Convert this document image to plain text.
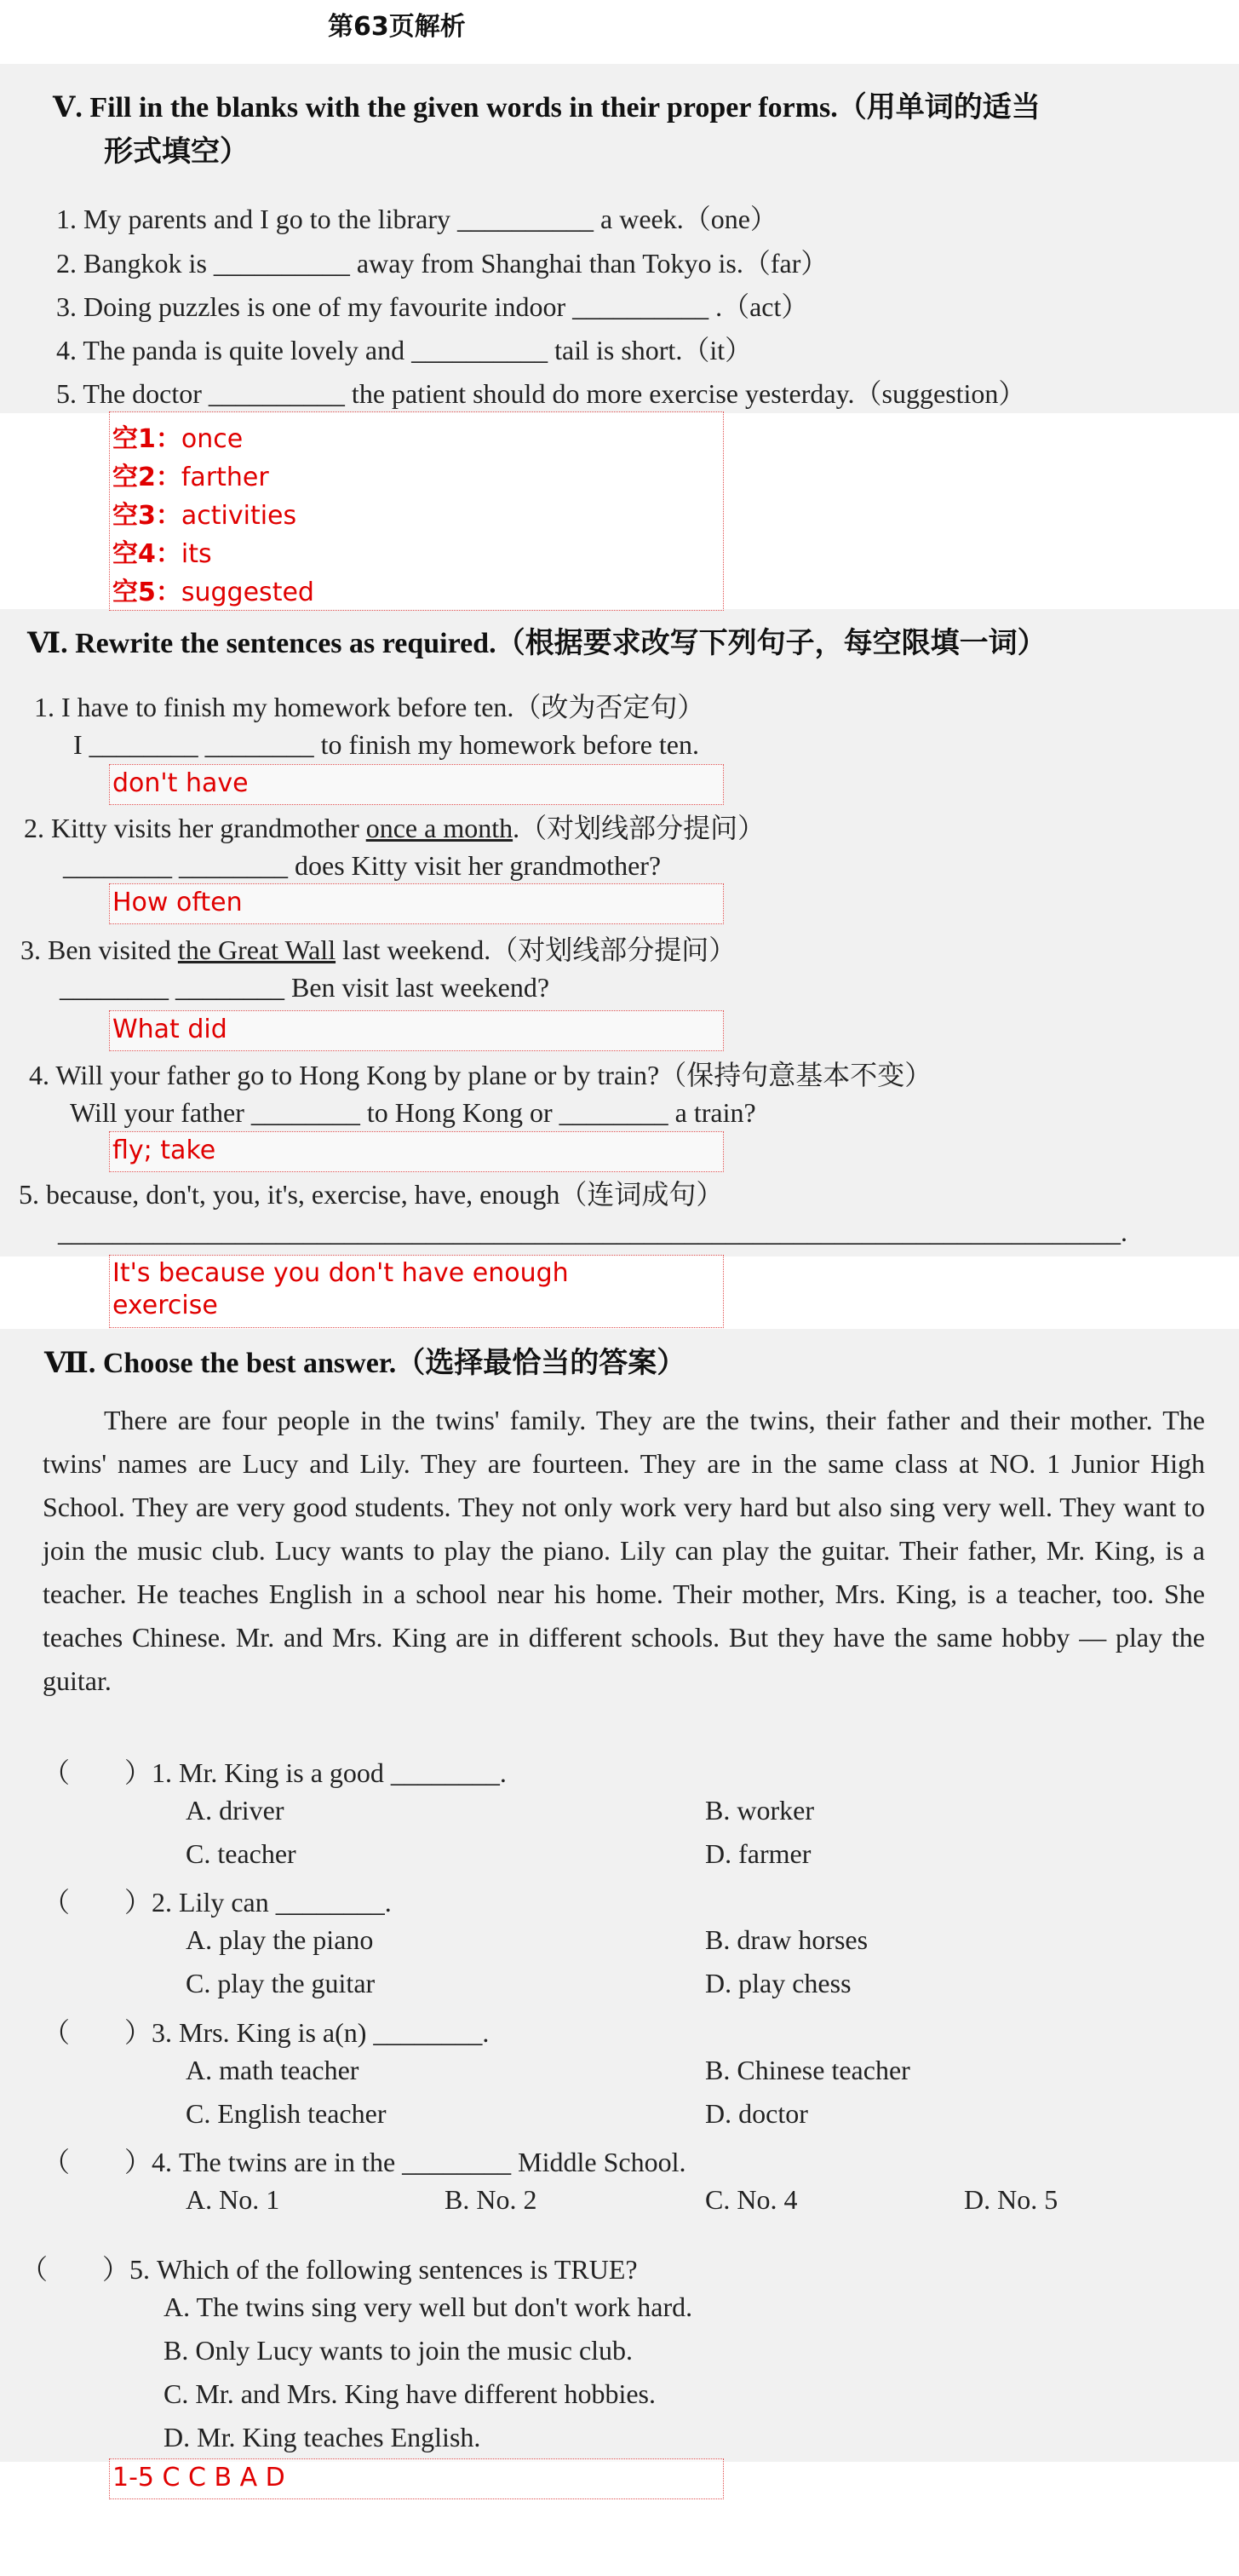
第63页解析
Ⅴ. Fill in the blanks with the given words in their proper forms.（用单词的适当
形式填空）
1. My parents and I go to the library __________ a week.（one）
2. Bangkok is __________ away from Shanghai than Tokyo is.（far）
3. Doing puzzles is one of my favourite indoor __________ .（act）
4. The panda is quite lovely and __________ tail is short.（it）
5. The doctor __________ the patient should do more exercise yesterday.（suggestion）
空1：once
空2：farther
空3：activities
空4：its
空5：suggested
Ⅵ. Rewrite the sentences as required.（根据要求改写下列句子，每空限填一词）
1. I have to finish my homework before ten.（改为否定句）
I ________ ________ to finish my homework before ten.
don't have
2. Kitty visits her grandmother once a month.（对划线部分提问）
________ ________ does Kitty visit her grandmother?
How often
3. Ben visited the Great Wall last weekend.（对划线部分提问）
________ ________ Ben visit last weekend?
What did
4. Will your father go to Hong Kong by plane or by train?（保持句意基本不变）
Will your father ________ to Hong Kong or ________ a train?
fly; take
5. because, don't, you, it's, exercise, have, enough（连词成句）
______________________________________________________________________________.
It's because you don't have enough
exercise
Ⅶ. Choose the best answer.（选择最恰当的答案）
There are four people in the twins' family. They are the twins, their father and their mother. The twins' names are Lucy and Lily. They are fourteen. They are in the same class at NO. 1 Junior High School. They are very good students. They not only work very hard but also sing very well. They want to join the music club. Lucy wants to play the piano. Lily can play the guitar. Their father, Mr. King, is a teacher. He teaches English in a school near his home. Their mother, Mrs. King, is a teacher, too. She teaches Chinese. Mr. and Mrs. King are in different schools. But they have the same hobby — play the guitar.
（　　）1. Mr. King is a good ________.
A. driver	B. worker
C. teacher	D. farmer
（　　）2. Lily can ________.
A. play the piano	B. draw horses
C. play the guitar	D. play chess
（　　）3. Mrs. King is a(n) ________.
A. math teacher	B. Chinese teacher
C. English teacher	D. doctor
（　　）4. The twins are in the ________ Middle School.
A. No. 1	B. No. 2	C. No. 4	D. No. 5
（　　）5. Which of the following sentences is TRUE?
A. The twins sing very well but don't work hard.
B. Only Lucy wants to join the music club.
C. Mr. and Mrs. King have different hobbies.
D. Mr. King teaches English.
1-5 C C B A D
